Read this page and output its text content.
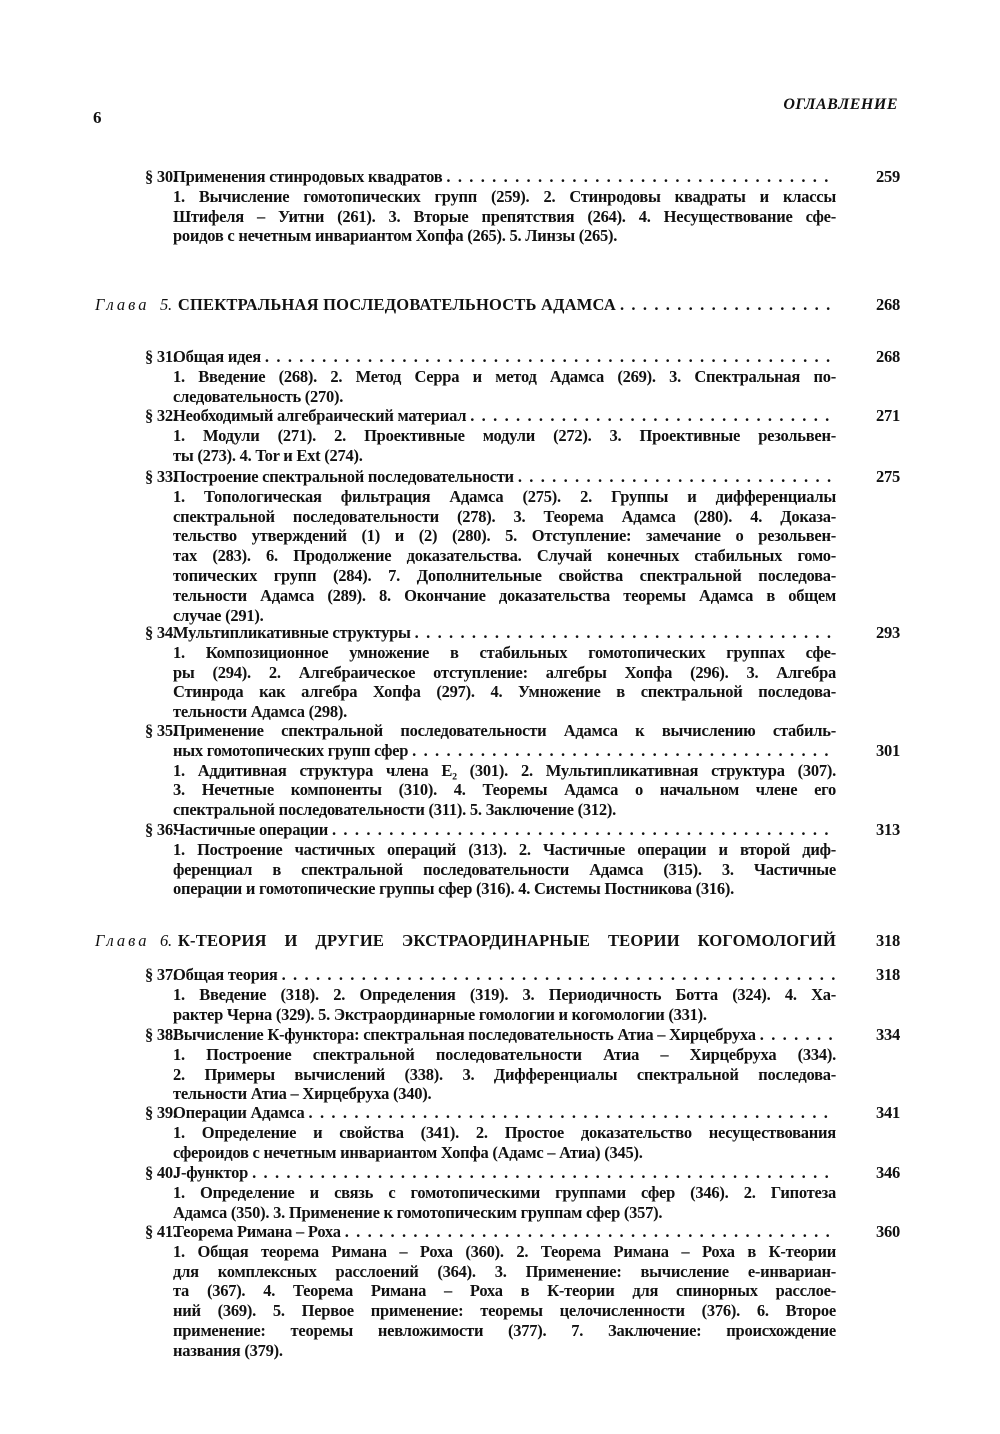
6
ОГЛАВЛЕНИЕ
§ 30.
Применения стинродовых квадратов
. . .
1. Вычисление гомотопических групп (259). 2. Стинродовы квадраты и классы
Штифеля – Уитни (261). 3. Вторые препятствия (264). 4. Несуществование сфе-
роидов с нечетным инвариантом Хопфа (265). 5. Линзы (265).
259
Глава 5. СПЕКТРАЛЬНАЯ ПОСЛЕДОВАТЕЛЬНОСТЬ АДАМСА . . .	268
§ 31.
Общая идея
. . .
1. Введение (268). 2. Метод Серра и метод Адамса (269). 3. Спектральная по-
следовательность (270).
268
§ 32.
Необходимый алгебраический материал
. . .
1. Модули (271). 2. Проективные модули (272). 3. Проективные резольвен-
ты (273). 4. Tor и Ext (274).
271
§ 33.
Построение спектральной последовательности
. . .
1. Топологическая фильтрация Адамса (275). 2. Группы и дифференциалы
спектральной последовательности (278). 3. Теорема Адамса (280). 4. Доказа-
тельство утверждений (1) и (2) (280). 5. Отступление: замечание о резольвен-
тах (283). 6. Продолжение доказательства. Случай конечных стабильных гомо-
топических групп (284). 7. Дополнительные свойства спектральной последова-
тельности Адамса (289). 8. Окончание доказательства теоремы Адамса в общем
случае (291).
275
§ 34.
Мультипликативные структуры
. . .
1. Композиционное умножение в стабильных гомотопических группах сфе-
ры (294). 2. Алгебраическое отступление: алгебры Хопфа (296). 3. Алгебра
Стинрода как алгебра Хопфа (297). 4. Умножение в спектральной последова-
тельности Адамса (298).
293
§ 35.
Применение спектральной последовательности Адамса к вычислению стабиль-
ных гомотопических групп сфер
. . .
1. Аддитивная структура члена E₂ (301). 2. Мультипликативная структура (307).
3. Нечетные компоненты (310). 4. Теоремы Адамса о начальном члене его
спектральной последовательности (311). 5. Заключение (312).
301
§ 36.
Частичные операции
. . .
1. Построение частичных операций (313). 2. Частичные операции и второй диф-
ференциал в спектральной последовательности Адамса (315). 3. Частичные
операции и гомотопические группы сфер (316). 4. Системы Постникова (316).
313
Глава 6. К-ТЕОРИЯ И ДРУГИЕ ЭКСТРАОРДИНАРНЫЕ ТЕОРИИ КОГОМОЛОГИЙ 318
§ 37.
Общая теория
. . .
1. Введение (318). 2. Определения (319). 3. Периодичность Ботта (324). 4. Ха-
рактер Черна (329). 5. Экстраординарные гомологии и когомологии (331).
318
§ 38.
Вычисление К-функтора: спектральная последовательность Атиа – Хирцебруха
. . .
1. Построение спектральной последовательности Атиа – Хирцебруха (334).
2. Примеры вычислений (338). 3. Дифференциалы спектральной последова-
тельности Атиа – Хирцебруха (340).
334
§ 39.
Операции Адамса
. . .
1. Определение и свойства (341). 2. Простое доказательство несуществования
сфероидов с нечетным инвариантом Хопфа (Адамс – Атиа) (345).
341
§ 40.
J-функтор
. . .
1. Определение и связь с гомотопическими группами сфер (346). 2. Гипотеза
Адамса (350). 3. Применение к гомотопическим группам сфер (357).
346
§ 41.
Теорема Римана – Роха
. . .
1. Общая теорема Римана – Роха (360). 2. Теорема Римана – Роха в К-теории
для комплексных расслоений (364). 3. Применение: вычисление е-инвариан-
та (367). 4. Теорема Римана – Роха в К-теории для спинорных расслое-
ний (369). 5. Первое применение: теоремы целочисленности (376). 6. Второе
применение: теоремы невложимости (377). 7. Заключение: происхождение
названия (379).
360
